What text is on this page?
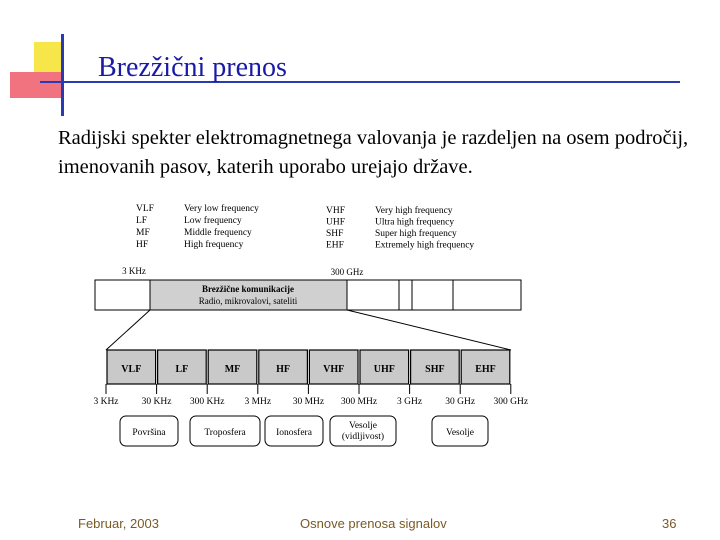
Brezžični prenos
Radijski spekter elektromagnetnega valovanja je razdeljen na osem področij, imenovanih pasov, katerih uporabo urejajo države.
VLF	Very low frequency
LF	Low frequency
MF	Middle frequency
HF	High frequency
VHF	Very high frequency
UHF	Ultra high frequency
SHF	Super high frequency
EHF	Extremely high frequency
3 KHz	300 GHz
Brezžične komunikacije
Radio, mikrovalovi, sateliti
VLF	LF	MF	HF	VHF	UHF	SHF	EHF
3 KHz 30 KHz 300 KHz 3 MHz 30 MHz 300 MHz 3 GHz 30 GHz 300 GHz
Površina	Troposfera	Ionosfera
Vesolje
(vidljivost)	Vesolje
Februar, 2003	Osnove prenosa signalov	36
